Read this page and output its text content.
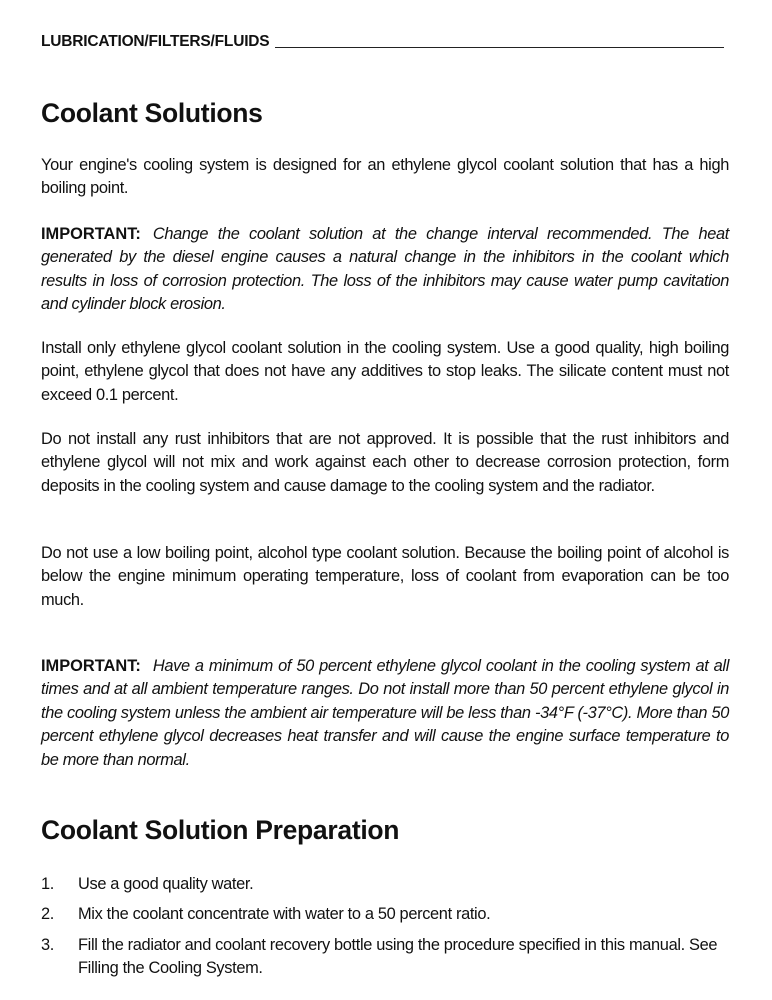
LUBRICATION/FILTERS/FLUIDS
Coolant Solutions

Your engine's cooling system is designed for an ethylene glycol coolant solution that has a high boiling point.

IMPORTANT: Change the coolant solution at the change interval recommended. The heat generated by the diesel engine causes a natural change in the inhibitors in the coolant which results in loss of corrosion protection. The loss of the inhibitors may cause water pump cavitation and cylinder block erosion.

Install only ethylene glycol coolant solution in the cooling system. Use a good quality, high boiling point, ethylene glycol that does not have any additives to stop leaks. The silicate content must not exceed 0.1 percent.

Do not install any rust inhibitors that are not approved. It is possible that the rust inhibitors and ethylene glycol will not mix and work against each other to decrease corrosion protection, form deposits in the cooling system and cause damage to the cooling system and the radiator.

Do not use a low boiling point, alcohol type coolant solution. Because the boiling point of alcohol is below the engine minimum operating temperature, loss of coolant from evaporation can be too much.

IMPORTANT: Have a minimum of 50 percent ethylene glycol coolant in the cooling system at all times and at all ambient temperature ranges. Do not install more than 50 percent ethylene glycol in the cooling system unless the ambient air temperature will be less than -34°F (-37°C). More than 50 percent ethylene glycol decreases heat transfer and will cause the engine surface temperature to be more than normal.

Coolant Solution Preparation
1.	Use a good quality water.
2.	Mix the coolant concentrate with water to a 50 percent ratio.
3.	Fill the radiator and coolant recovery bottle using the procedure specified in this manual. See Filling the Cooling System.
